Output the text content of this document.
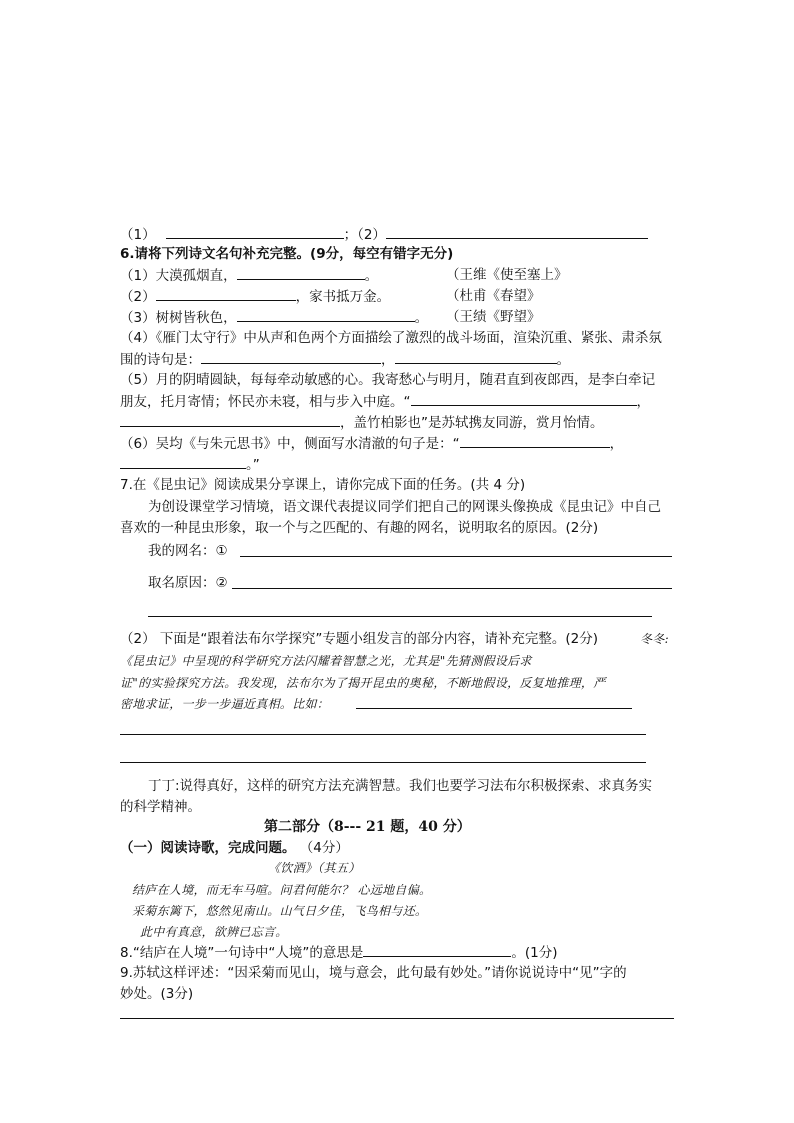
（1）	；（2）
6.请将下列诗文名句补充完整。(9分，每空有错字无分)
（1）大漠孤烟直，	。	（王维《使至塞上》
（2）	，家书抵万金。	（杜甫《春望》
（3）树树皆秋色，	。 （王绩《野望》
（4）《雁门太守行》中从声和色两个方面描绘了激烈的战斗场面，渲染沉重、紧张、肃杀氛
围的诗句是：	，	。
（5）月的阴晴圆缺，每每牵动敏感的心。我寄愁心与明月，随君直到夜郎西，是李白牵记
朋友，托月寄情；怀民亦未寝，相与步入中庭。“	，
，盖竹柏影也”是苏轼携友同游，赏月怡情。
（6）吴均《与朱元思书》中，侧面写水清澈的句子是：“	，
。”
7.在《昆虫记》阅读成果分享课上，请你完成下面的任务。(共 4 分)
为创设课堂学习情境，语文课代表提议同学们把自己的网课头像换成《昆虫记》中自己
喜欢的一种昆虫形象，取一个与之匹配的、有趣的网名，说明取名的原因。(2分)
我的网名：①
取名原因：②
（2） 下面是“跟着法布尔学探究”专题小组发言的部分内容，请补充完整。(2分)	冬冬:
《昆虫记》中呈现的科学研究方法闪耀着智慧之光，尤其是"先猜测假设后求
证"的实验探究方法。我发现，法布尔为了揭开昆虫的奥秘，不断地假设，反复地推理，严
密地求证，一步一步逼近真相。比如：
丁丁:说得真好，这样的研究方法充满智慧。我们也要学习法布尔积极探索、求真务实
的科学精神。
第二部分（8--- 21 题，40 分）
（一）阅读诗歌，完成问题。 （4分）
《饮酒》（其五）
结庐在人境，而无车马喧。问君何能尔？ 心远地自偏。
采菊东篱下，悠然见南山。山气日夕佳，飞鸟相与还。
此中有真意，欲辨已忘言。
8.“结庐在人境”一句诗中“人境”的意思是	。(1分)
9.苏轼这样评述：“因采菊而见山，境与意会，此句最有妙处。”请你说说诗中“见”字的
妙处。(3分)
